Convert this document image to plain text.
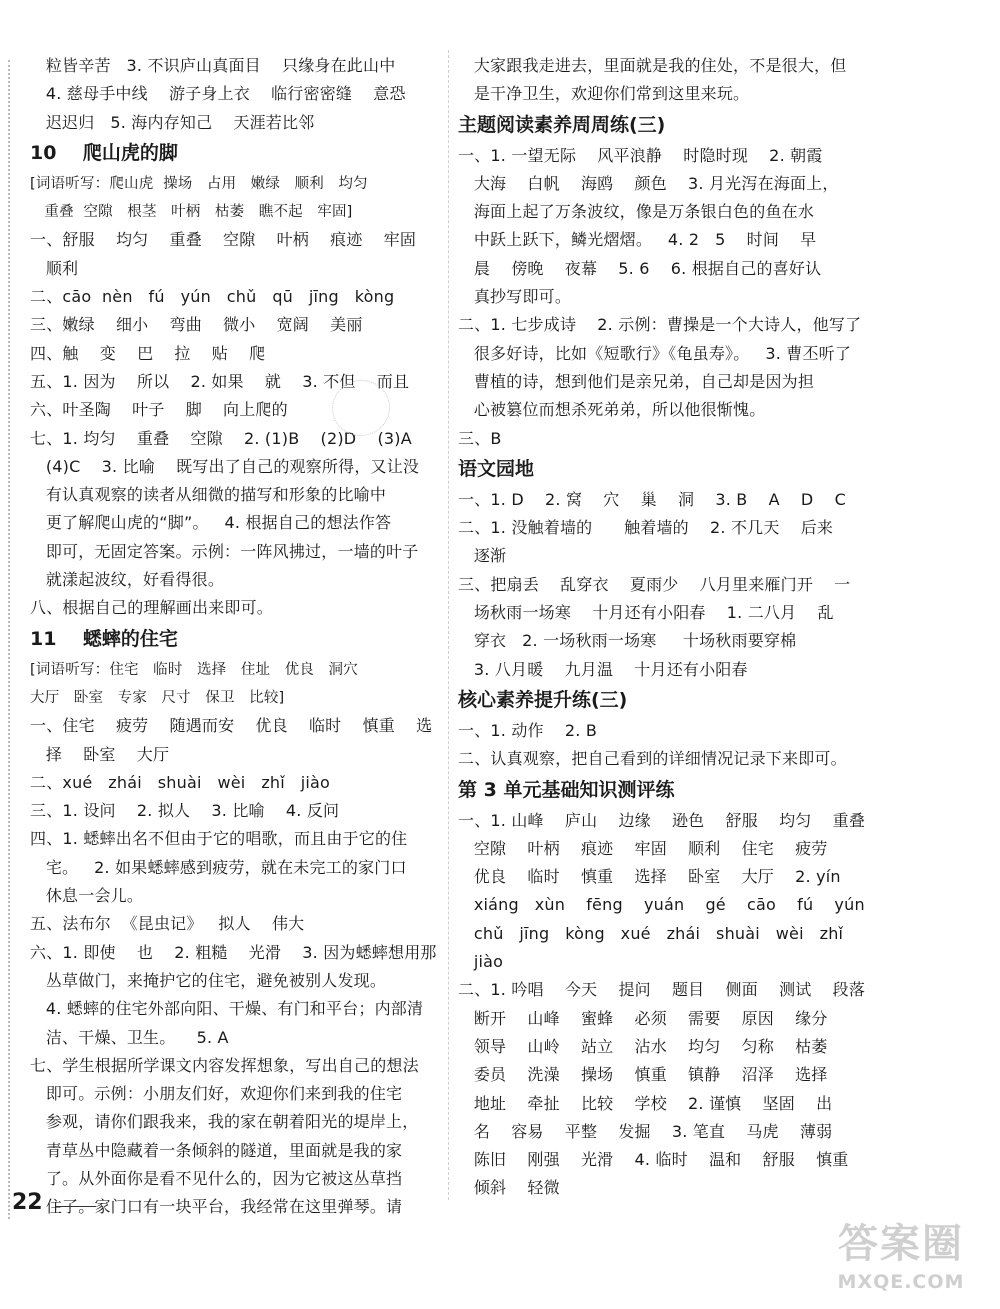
粒皆辛苦   3. 不识庐山真面目    只缘身在此山中
4. 慈母手中线    游子身上衣    临行密密缝    意恐
迟迟归   5. 海内存知己    天涯若比邻
10    爬山虎的脚
[词语听写：爬山虎  操场   占用   嫩绿   顺利   均匀
重叠  空隙   根茎   叶柄   枯萎   瞧不起   牢固]
一、舒服    均匀    重叠    空隙    叶柄    痕迹    牢固
顺利
二、cāo  nèn   fú   yún   chǔ   qū   jīng   kòng
三、嫩绿    细小    弯曲    微小    宽阔    美丽
四、触    变    巴    拉    贴    爬
五、1. 因为    所以    2. 如果    就    3. 不但    而且
六、叶圣陶    叶子    脚    向上爬的
七、1. 均匀    重叠    空隙    2. (1)B    (2)D    (3)A
(4)C    3. 比喻    既写出了自己的观察所得，又让没
有认真观察的读者从细微的描写和形象的比喻中
更了解爬山虎的“脚”。   4. 根据自己的想法作答
即可，无固定答案。示例：一阵风拂过，一墙的叶子
就漾起波纹，好看得很。
八、根据自己的理解画出来即可。
11    蟋蟀的住宅
[词语听写：住宅   临时   选择   住址   优良   洞穴
大厅   卧室   专家   尺寸   保卫   比较]
一、住宅    疲劳    随遇而安    优良    临时    慎重    选
择    卧室    大厅
二、xué   zhái   shuài   wèi   zhǐ   jiào
三、1. 设问    2. 拟人    3. 比喻    4. 反问
四、1. 蟋蟀出名不但由于它的唱歌，而且由于它的住
宅。   2. 如果蟋蟀感到疲劳，就在未完工的家门口
休息一会儿。
五、法布尔  《昆虫记》   拟人    伟大
六、1. 即使    也    2. 粗糙    光滑    3. 因为蟋蟀想用那
丛草做门，来掩护它的住宅，避免被别人发现。
4. 蟋蟀的住宅外部向阳、干燥、有门和平台；内部清
洁、干燥、卫生。    5. A
七、学生根据所学课文内容发挥想象，写出自己的想法
即可。示例：小朋友们好，欢迎你们来到我的住宅
参观，请你们跟我来，我的家在朝着阳光的堤岸上，
青草丛中隐藏着一条倾斜的隧道，里面就是我的家
了。从外面你是看不见什么的，因为它被这丛草挡
住了。家门口有一块平台，我经常在这里弹琴。请
大家跟我走进去，里面就是我的住处，不是很大，但
是干净卫生，欢迎你们常到这里来玩。
主题阅读素养周周练(三)
一、1. 一望无际    风平浪静    时隐时现    2. 朝霞
大海    白帆    海鸥    颜色    3. 月光泻在海面上，
海面上起了万条波纹，像是万条银白色的鱼在水
中跃上跃下，鳞光熠熠。   4. 2   5    时间    早
晨    傍晚    夜幕    5. 6    6. 根据自己的喜好认
真抄写即可。
二、1. 七步成诗    2. 示例：曹操是一个大诗人，他写了
很多好诗，比如《短歌行》《龟虽寿》。   3. 曹丕听了
曹植的诗，想到他们是亲兄弟，自己却是因为担
心被篡位而想杀死弟弟，所以他很惭愧。
三、B
语文园地
一、1. D    2. 窝    穴    巢    洞    3. B    A    D    C
二、1. 没触着墙的      触着墙的    2. 不几天    后来
逐渐
三、把扇丢    乱穿衣    夏雨少    八月里来雁门开    一
场秋雨一场寒    十月还有小阳春    1. 二八月    乱
穿衣   2. 一场秋雨一场寒     十场秋雨要穿棉
3. 八月暖    九月温    十月还有小阳春
核心素养提升练(三)
一、1. 动作    2. B
二、认真观察，把自己看到的详细情况记录下来即可。
第 3 单元基础知识测评练
一、1. 山峰    庐山    边缘    逊色    舒服    均匀    重叠
空隙    叶柄    痕迹    牢固    顺利    住宅    疲劳
优良    临时    慎重    选择    卧室    大厅    2. yín
xiáng   xùn    fēng    yuán    gé    cāo    fú    yún
chǔ   jīng   kòng   xué   zhái   shuài   wèi   zhǐ
jiào
二、1. 吟唱    今天    提问    题目    侧面    测试    段落
断开    山峰    蜜蜂    必须    需要    原因    缘分
领导    山岭    站立    沾水    均匀    匀称    枯萎
委员    洗澡    操场    慎重    镇静    沼泽    选择
地址    牵扯    比较    学校    2. 谨慎    坚固    出
名    容易    平整    发掘    3. 笔直    马虎    薄弱
陈旧    刚强    光滑    4. 临时    温和    舒服    慎重
倾斜    轻微
22
答案圈
MXQE.COM
